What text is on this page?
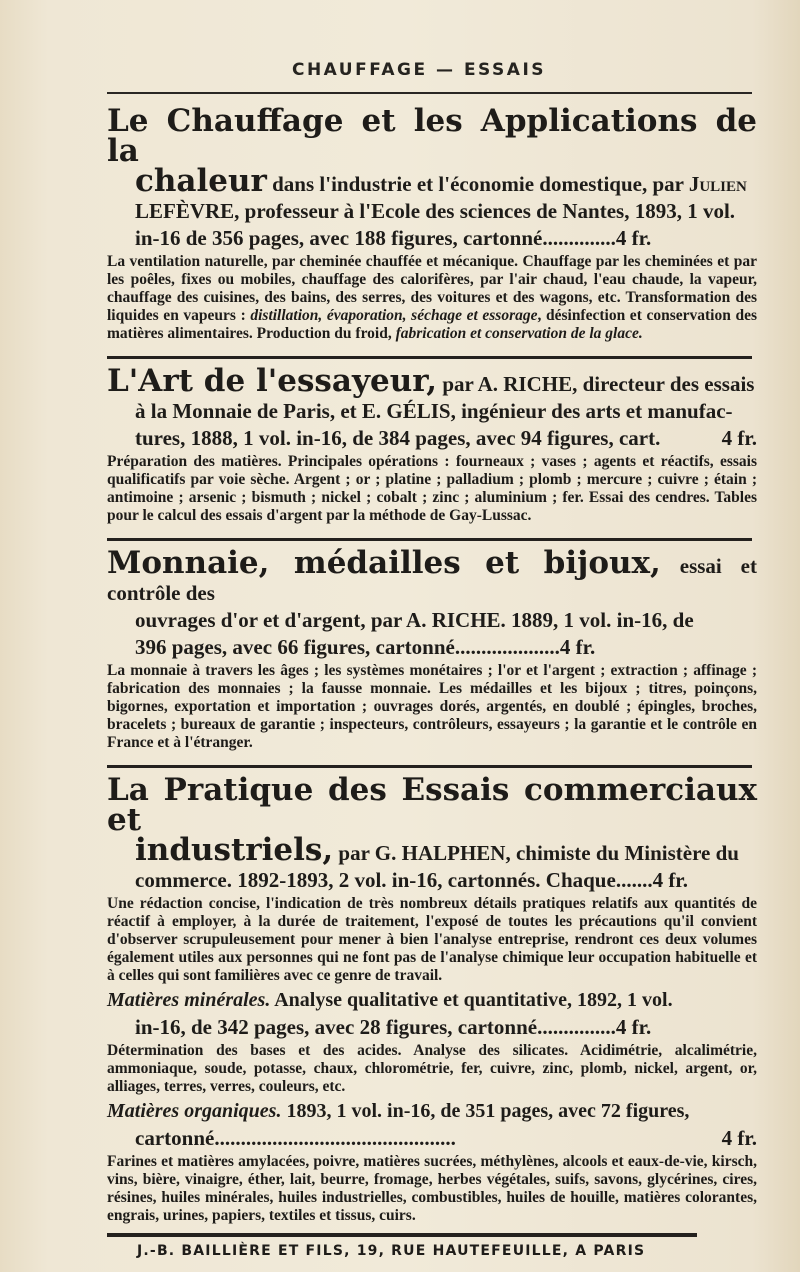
CHAUFFAGE — ESSAIS
Le Chauffage et les Applications de la
chaleur dans l'industrie et l'économie domestique, par Julien
LEFÈVRE, professeur à l'Ecole des sciences de Nantes, 1893, 1 vol.
in-16 de 356 pages, avec 188 figures, cartonné .............. 4 fr.
La ventilation naturelle, par cheminée chauffée et mécanique. Chauffage par les cheminées et par les poêles, fixes ou mobiles, chauffage des calorifères, par l'air chaud, l'eau chaude, la vapeur, chauffage des cuisines, des bains, des serres, des voitures et des wagons, etc. Transformation des liquides en vapeurs : distillation, évaporation, séchage et essorage, désinfection et conservation des matières alimentaires. Production du froid, fabrication et conservation de la glace.
L'Art de l'essayeur, par A. RICHE, directeur des essais
à la Monnaie de Paris, et E. GÉLIS, ingénieur des arts et manufac-
tures, 1888, 1 vol. in-16, de 384 pages, avec 94 figures, cart.	4 fr.
Préparation des matières. Principales opérations : fourneaux ; vases ; agents et réactifs, essais qualificatifs par voie sèche. Argent ; or ; platine ; palladium ; plomb ; mercure ; cuivre ; étain ; antimoine ; arsenic ; bismuth ; nickel ; cobalt ; zinc ; aluminium ; fer. Essai des cendres. Tables pour le calcul des essais d'argent par la méthode de Gay-Lussac.
Monnaie, médailles et bijoux, essai et contrôle des
ouvrages d'or et d'argent, par A. RICHE. 1889, 1 vol. in-16, de
396 pages, avec 66 figures, cartonné .................... 4 fr.
La monnaie à travers les âges ; les systèmes monétaires ; l'or et l'argent ; extraction ; affinage ; fabrication des monnaies ; la fausse monnaie. Les médailles et les bijoux ; titres, poinçons, bigornes, exportation et importation ; ouvrages dorés, argentés, en doublé ; épingles, broches, bracelets ; bureaux de garantie ; inspecteurs, contrôleurs, essayeurs ; la garantie et le contrôle en France et à l'étranger.
La Pratique des Essais commerciaux et
industriels, par G. HALPHEN, chimiste du Ministère du
commerce. 1892-1893, 2 vol. in-16, cartonnés. Chaque ....... 4 fr.
Une rédaction concise, l'indication de très nombreux détails pratiques relatifs aux quantités de réactif à employer, à la durée de traitement, l'exposé de toutes les précautions qu'il convient d'observer scrupuleusement pour mener à bien l'analyse entreprise, rendront ces deux volumes également utiles aux personnes qui ne font pas de l'analyse chimique leur occupation habituelle et à celles qui sont familières avec ce genre de travail.
Matières minérales. Analyse qualitative et quantitative, 1892, 1 vol.
in-16, de 342 pages, avec 28 figures, cartonné ............... 4 fr.
Détermination des bases et des acides. Analyse des silicates. Acidimétrie, alcalimétrie, ammoniaque, soude, potasse, chaux, chlorométrie, fer, cuivre, zinc, plomb, nickel, argent, or, alliages, terres, verres, couleurs, etc.
Matières organiques. 1893, 1 vol. in-16, de 351 pages, avec 72 figures,
cartonné ..............................................	4 fr.
Farines et matières amylacées, poivre, matières sucrées, méthylènes, alcools et eaux-de-vie, kirsch, vins, bière, vinaigre, éther, lait, beurre, fromage, herbes végétales, suifs, savons, glycérines, cires, résines, huiles minérales, huiles industrielles, combustibles, huiles de houille, matières colorantes, engrais, urines, papiers, textiles et tissus, cuirs.
J.-B. BAILLIÈRE ET FILS, 19, RUE HAUTEFEUILLE, A PARIS
